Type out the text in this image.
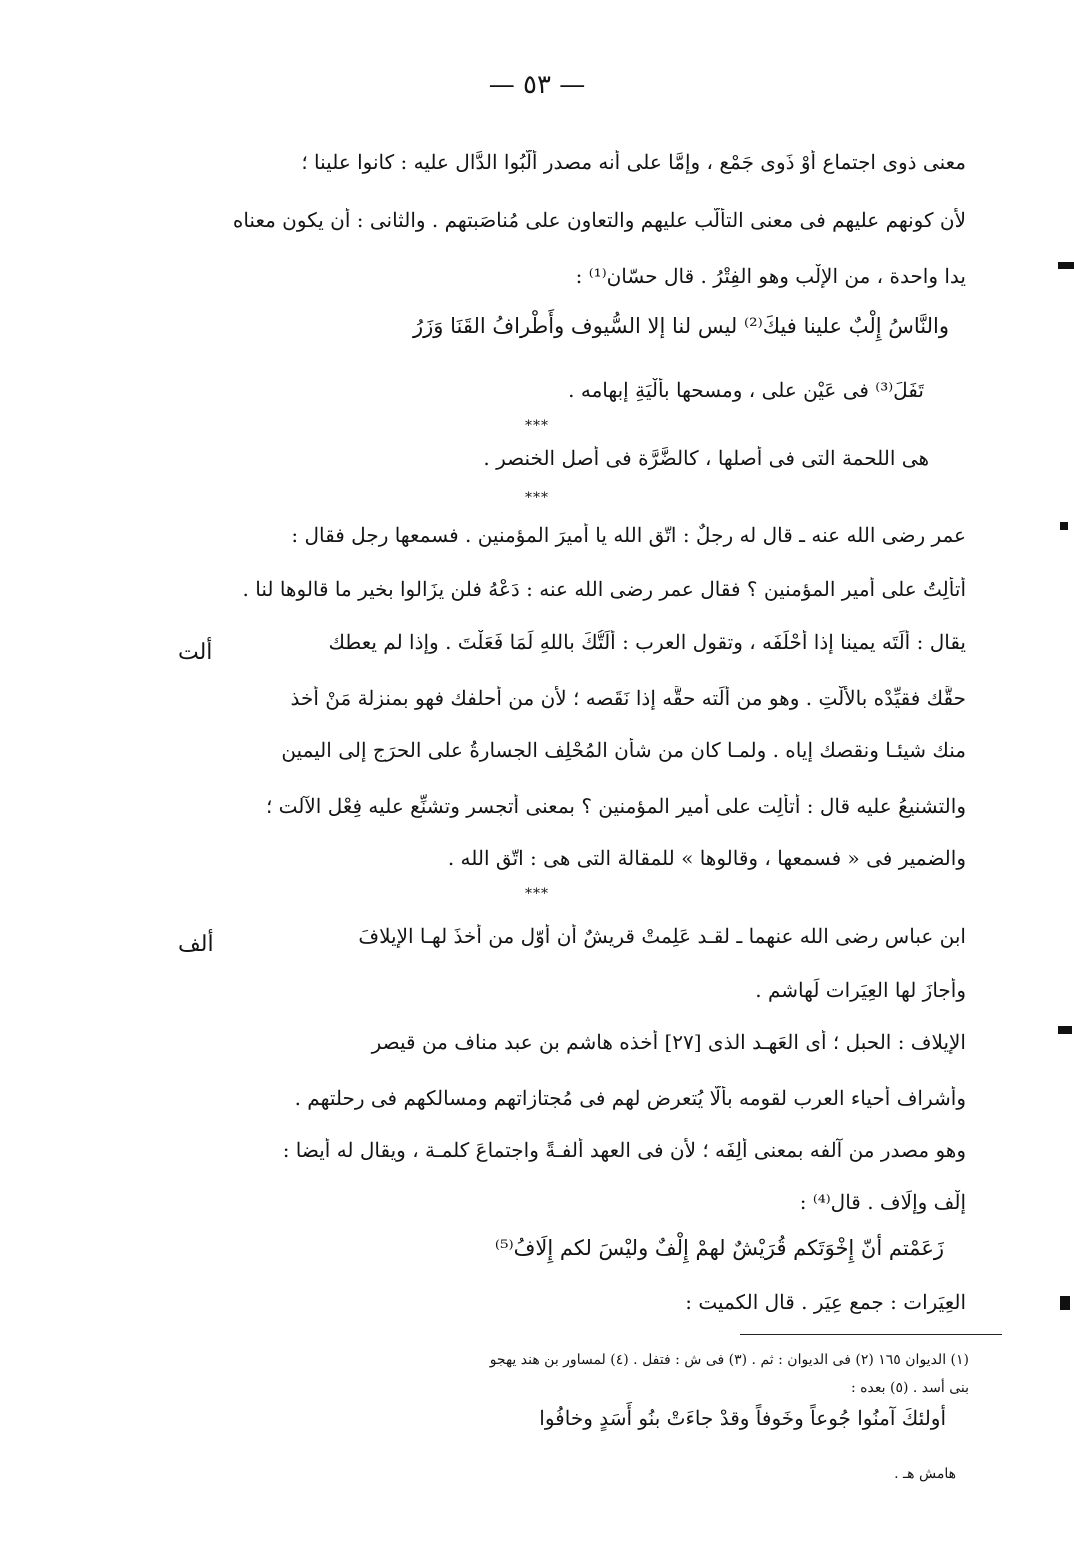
— ٥٣ —
معنى ذوى اجتماع أوْ ذَوِى جَمْع ، وإمَّا على أنه مصدر ألَّبُوا الدَّال عليه : كانوا علينا ؛
لأن كونهم عليهم فى معنى التألّب عليهم والتعاون على مُناصَبتهم . والثانى : أن يكون معناه
يدا واحدة ، من الإِلْب وهو الفِتْرُ . قال حسّان⁽¹⁾ :
والنَّاسُ إِلْبٌ علينا فيكَ⁽²⁾ ليس لنا إلا السُّيوف وأَطْرافُ القَنَا وَزَرُ
تَفَلَ⁽³⁾ فى عَيْنِ على ، ومسحها بأَلْيَةِ إبهامه .
***
هى اللحمة التى فى أصلها ، كالضَّرَّة فى أصل الخنصر .
***
عمر رضى الله عنه ـ قال له رجلٌ : اتّقِ الله يا أميرَ المؤمنين . فسمعها رجل فقال :
أَتأْلِتُ على أميرِ المؤمنين ؟ فقال عمر رضى الله عنه : دَعْهُ فلن يزَالوا بخير ما قالوها لنا .
ألت	يقال : أَلَتَه يمينا إذا أحْلَفَه ، وتقول العرب : أَلَتُّكَ باللهِ لَمَا فَعَلْتَ . وإذا لم يعطك
حقَّك فقيِّدْه بالأَلْتِ . وهو من أَلَته حقَّه إذا نَقَصه ؛ لأن من أحلفك فهو بمنزلة مَنْ أخذ
منك شيئـا ونقصك إياه . ولمـا كان من شأن المُحْلِف الجسارةُ على الحرَج إلى اليمين
والتشنيعُ عليه قال : أتأْلِت على أميرِ المؤمنين ؟ بمعنى أتجسر وتشنِّع عليه فِعْل الآلت ؛
والضمير فى « فسمعها ، وقالوها » للمقالة التى هى : اتّقِ الله .
***
ألف	ابن عباس رضى الله عنهما ـ لقـد عَلِمتْ قريشٌ أن أوّل من أخذَ لهـا الإِيلافَ
وأَجازَ لها العِيَرات لَهاشم .
الإِيلاف : الحبل ؛ أى العَهـد الذى [٢٧] أخذه هاشم بن عبد مناف من قيصر
وأشراف أحياء العرب لقومه بألّا يُتعرض لهم فى مُجتازاتهم ومسالكهم فى رحلتهم .
وهو مصدر من آلفه بمعنى أَلِفَه ؛ لأن فى العهد ألفـةً واجتماعَ كلمـة ، ويقال له أيضا :
إِلْف وإِلَاف . قال⁽⁴⁾ :
زَعَمْتم أنّ إِخْوَتَكم قُرَيْشٌ لهمْ إِلْفٌ وليْسَ لكم إِلَافُ⁽⁵⁾
العِيَرات : جمع عِيَر . قال الكميت :
(١) الديوان ١٦٥ (٢) فى الديوان : ثم . (٣) فى ش : فتفل . (٤) لمساور بن هند يهجو
بنى أسد . (٥) بعده :
أولئكَ آمنُوا جُوعاً وخَوفاً وقدْ جاءَتْ بنُو أَسَدٍ وخافُوا
هامش هـ .
